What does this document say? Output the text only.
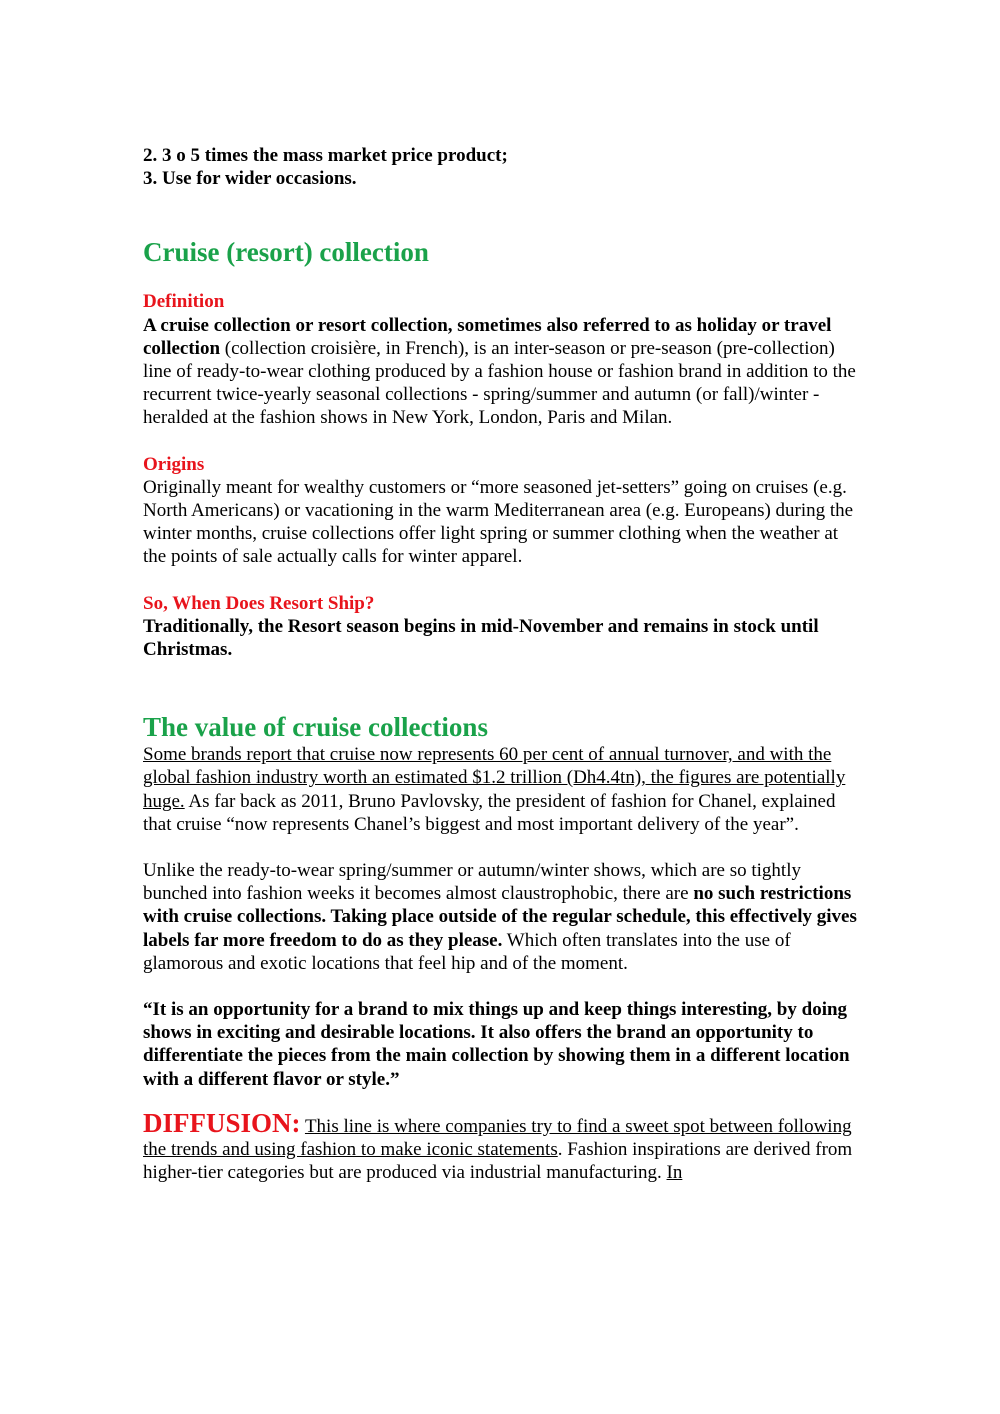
2. 3 o 5 times the mass market price product;

3. Use for wider occasions.

Cruise (resort) collection

Definition

A cruise collection or resort collection, sometimes also referred to as holiday or travel collection (collection croisière, in French), is an inter-season or pre-season (pre-collection) line of ready-to-wear clothing produced by a fashion house or fashion brand in addition to the recurrent twice-yearly seasonal collections - spring/summer and autumn (or fall)/winter - heralded at the fashion shows in New York, London, Paris and Milan.

Origins

Originally meant for wealthy customers or “more seasoned jet-setters” going on cruises (e.g. North Americans) or vacationing in the warm Mediterranean area (e.g. Europeans) during the winter months, cruise collections offer light spring or summer clothing when the weather at the points of sale actually calls for winter apparel.

So, When Does Resort Ship?

Traditionally, the Resort season begins in mid-November and remains in stock until Christmas.

The value of cruise collections

Some brands report that cruise now represents 60 per cent of annual turnover, and with the global fashion industry worth an estimated $1.2 trillion (Dh4.4tn), the figures are potentially huge. As far back as 2011, Bruno Pavlovsky, the president of fashion for Chanel, explained that cruise “now represents Chanel’s biggest and most important delivery of the year”.

Unlike the ready-to-wear spring/summer or autumn/winter shows, which are so tightly bunched into fashion weeks it becomes almost claustrophobic, there are no such restrictions with cruise collections. Taking place outside of the regular schedule, this effectively gives labels far more freedom to do as they please. Which often translates into the use of glamorous and exotic locations that feel hip and of the moment.

“It is an opportunity for a brand to mix things up and keep things interesting, by doing shows in exciting and desirable locations. It also offers the brand an opportunity to differentiate the pieces from the main collection by showing them in a different location with a different flavor or style.”

DIFFUSION: This line is where companies try to find a sweet spot between following the trends and using fashion to make iconic statements. Fashion inspirations are derived from higher-tier categories but are produced via industrial manufacturing. In
